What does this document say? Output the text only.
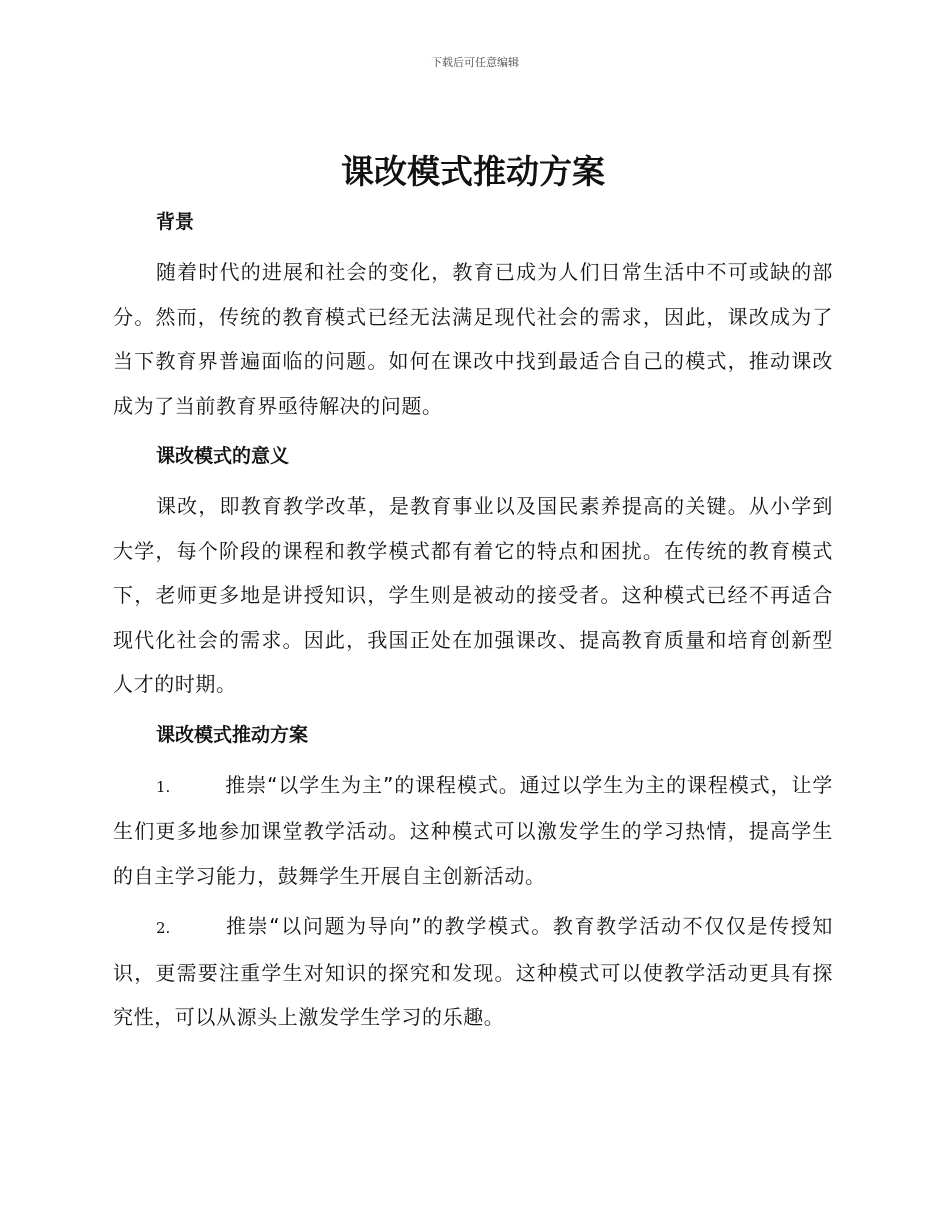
下载后可任意编辑
课改模式推动方案
背景

随着时代的进展和社会的变化，教育已成为人们日常生活中不可或缺的部分。然而，传统的教育模式已经无法满足现代社会的需求，因此，课改成为了当下教育界普遍面临的问题。如何在课改中找到最适合自己的模式，推动课改成为了当前教育界亟待解决的问题。

课改模式的意义

课改，即教育教学改革，是教育事业以及国民素养提高的关键。从小学到大学，每个阶段的课程和教学模式都有着它的特点和困扰。在传统的教育模式下，老师更多地是讲授知识，学生则是被动的接受者。这种模式已经不再适合现代化社会的需求。因此，我国正处在加强课改、提高教育质量和培育创新型人才的时期。

课改模式推动方案

1.	推崇“以学生为主”的课程模式。通过以学生为主的课程模式，让学生们更多地参加课堂教学活动。这种模式可以激发学生的学习热情，提高学生的自主学习能力，鼓舞学生开展自主创新活动。

2.	推崇“以问题为导向”的教学模式。教育教学活动不仅仅是传授知识，更需要注重学生对知识的探究和发现。这种模式可以使教学活动更具有探究性，可以从源头上激发学生学习的乐趣。
